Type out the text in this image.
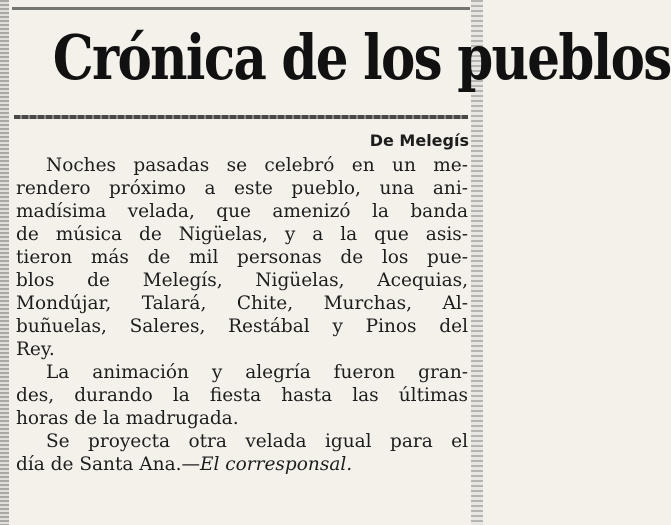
Crónica de los pueblos

De Melegís

Noches pasadas se celebró en un me-
rendero próximo a este pueblo, una ani-
madísima velada, que amenizó la banda
de música de Nigüelas, y a la que asis-
tieron más de mil personas de los pue-
blos de Melegís, Nigüelas, Acequias,
Mondújar, Talará, Chite, Murchas, Al-
buñuelas, Saleres, Restábal y Pinos del
Rey.
La animación y alegría fueron gran-
des, durando la fiesta hasta las últimas
horas de la madrugada.
Se proyecta otra velada igual para el
día de Santa Ana.—El corresponsal.
